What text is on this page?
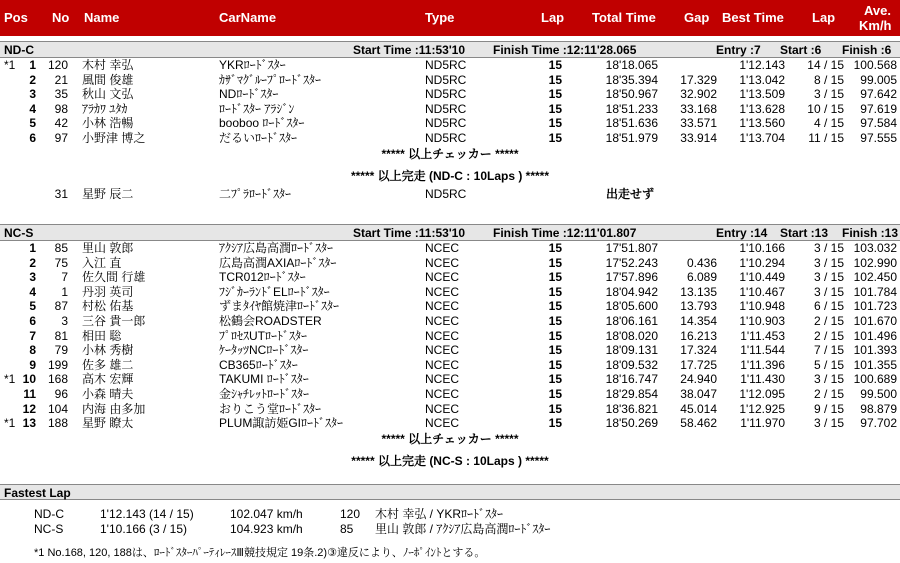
Pos No Name	CarName	Type	Lap Total Time Gap Best Time Lap Ave.
Km/h
ND-C	Start Time :11:53'10 Finish Time :12:11'28.065	Entry :7 Start :6 Finish :6
*1	1 120 木村 幸弘	YKRﾛｰﾄﾞｽﾀｰ	ND5RC	15	18'18.065	1'12.143	14 / 15 100.568
2	21 風間 俊雄	ｶｻﾞﾏｸﾞﾙｰﾌﾟﾛｰﾄﾞｽﾀｰ	ND5RC	15	18'35.394	17.329	1'13.042	8 / 15	99.005
3	35 秋山 文弘	NDﾛｰﾄﾞｽﾀｰ	ND5RC	15	18'50.967	32.902	1'13.509	3 / 15	97.642
4	98 ｱﾗｶﾜ ﾕﾀｶ	ﾛｰﾄﾞｽﾀｰ ｱﾗｼﾞﾝ	ND5RC	15	18'51.233	33.168	1'13.628	10 / 15	97.619
5	42 小林 浩暢	booboo ﾛｰﾄﾞｽﾀｰ	ND5RC	15	18'51.636	33.571	1'13.560	4 / 15	97.584
6	97 小野津 博之	だるいﾛｰﾄﾞｽﾀｰ	ND5RC	15	18'51.979	33.914	1'13.704	11 / 15	97.555
***** 以上チェッカー *****
***** 以上完走 (ND-C : 10Laps ) *****
31 星野 辰二	二ﾌﾟﾗﾛｰﾄﾞｽﾀｰ	ND5RC	出走せず
NC-S	Start Time :11:53'10 Finish Time :12:11'01.807	Entry :14 Start :13 Finish :13
1	85 里山 敦郎	ｱｸｼｱ広島高潤ﾛｰﾄﾞｽﾀｰ	NCEC	15	17'51.807	1'10.166	3 / 15 103.032
2	75 入江 直	広島高潤AXIAﾛｰﾄﾞｽﾀｰ	NCEC	15	17'52.243	0.436	1'10.294	3 / 15 102.990
3	7 佐久間 行雄	TCR012ﾛｰﾄﾞｽﾀｰ	NCEC	15	17'57.896	6.089	1'10.449	3 / 15 102.450
4	1 丹羽 英司	ﾌｼﾞｶｰﾗﾝﾄﾞELﾛｰﾄﾞｽﾀｰ	NCEC	15	18'04.942	13.135	1'10.467	3 / 15 101.784
5	87 村松 佑基	ずまﾀｲﾔ館焼津ﾛｰﾄﾞｽﾀｰ	NCEC	15	18'05.600	13.793	1'10.948	6 / 15 101.723
6	3 三谷 貴一郎	松鶴会ROADSTER	NCEC	15	18'06.161	14.354	1'10.903	2 / 15 101.670
7	81 相田 聡	ﾌﾟﾛｾｽUTﾛｰﾄﾞｽﾀｰ	NCEC	15	18'08.020	16.213	1'11.453	2 / 15 101.496
8	79 小林 秀樹	ｹｰﾀｯﾂNCﾛｰﾄﾞｽﾀｰ	NCEC	15	18'09.131	17.324	1'11.544	7 / 15 101.393
9 199 佐多 雄二	CB365ﾛｰﾄﾞｽﾀｰ	NCEC	15	18'09.532	17.725	1'11.396	5 / 15 101.355
*1 10 168 高木 宏輝	TAKUMI ﾛｰﾄﾞｽﾀｰ	NCEC	15	18'16.747	24.940	1'11.430	3 / 15 100.689
11	96 小森 晴夫	金ｼｬﾁﾚｯﾄﾛｰﾄﾞｽﾀｰ	NCEC	15	18'29.854	38.047	1'12.095	2 / 15	99.500
12 104 内海 由多加	おりこう堂ﾛｰﾄﾞｽﾀｰ	NCEC	15	18'36.821	45.014	1'12.925	9 / 15	98.879
*1 13 188 星野 瞭太	PLUM諏訪姫GIﾛｰﾄﾞｽﾀｰ	NCEC	15	18'50.269	58.462	1'11.970	3 / 15	97.702
***** 以上チェッカー *****
***** 以上完走 (NC-S : 10Laps ) *****
Fastest Lap
ND-C	1'12.143 (14 / 15)	102.047 km/h	120 木村 幸弘 / YKRﾛｰﾄﾞｽﾀｰ
NC-S	1'10.166 (3 / 15)	104.923 km/h	85 里山 敦郎 / ｱｸｼｱ広島高潤ﾛｰﾄﾞｽﾀｰ
*1 No.168, 120, 188は、ﾛｰﾄﾞｽﾀｰﾊﾟｰﾃｨﾚｰｽⅢ競技規定 19条.2)③違反により、ﾉｰﾎﾟｲﾝﾄとする。
